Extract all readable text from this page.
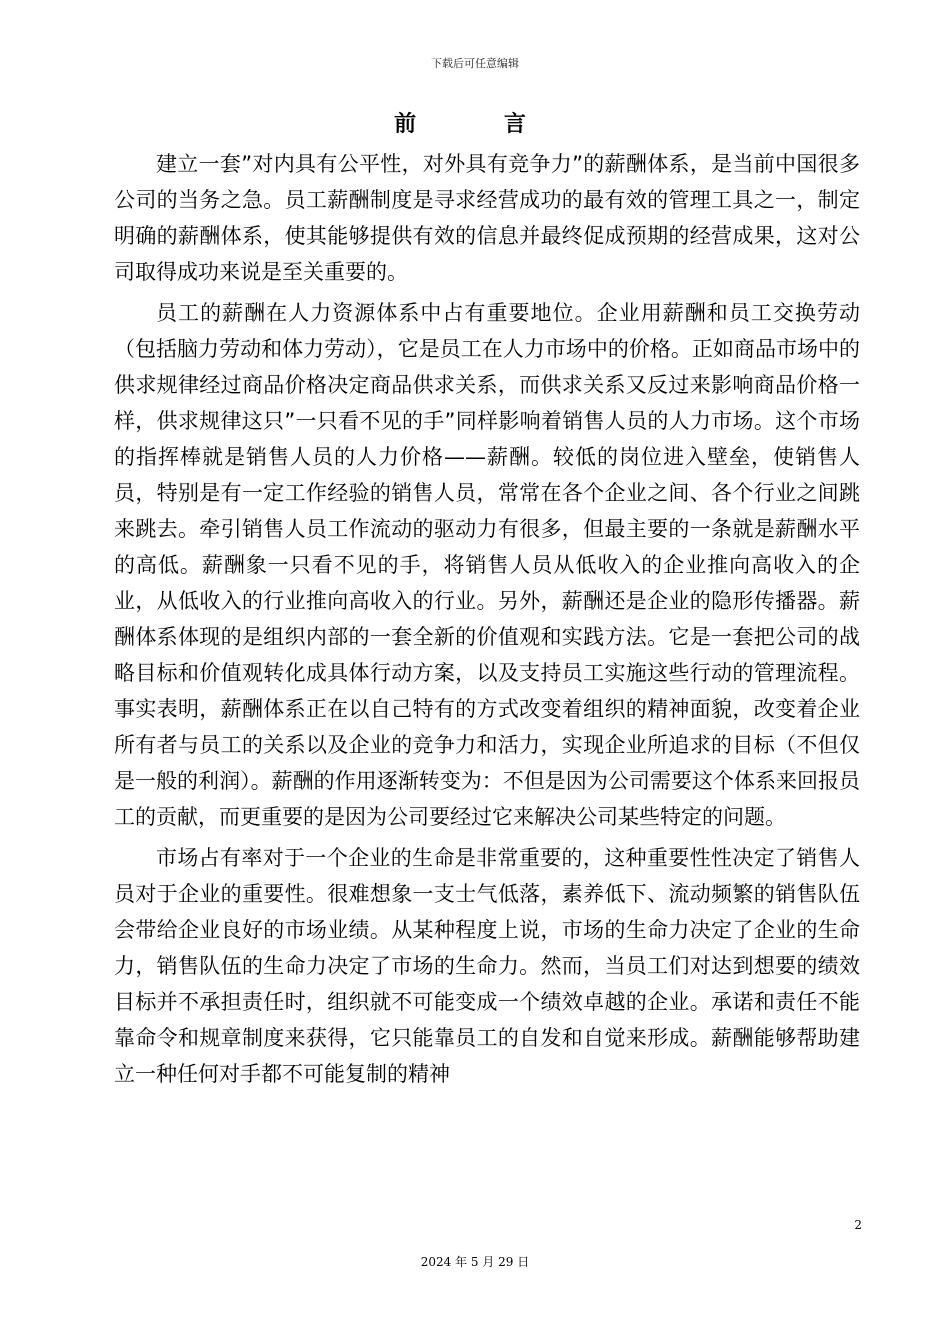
下载后可任意编辑
前 言

建立一套”对内具有公平性，对外具有竞争力”的薪酬体系，是当前中国很多公司的当务之急。员工薪酬制度是寻求经营成功的最有效的管理工具之一，制定明确的薪酬体系，使其能够提供有效的信息并最终促成预期的经营成果，这对公司取得成功来说是至关重要的。

员工的薪酬在人力资源体系中占有重要地位。企业用薪酬和员工交换劳动（包括脑力劳动和体力劳动），它是员工在人力市场中的价格。正如商品市场中的供求规律经过商品价格决定商品供求关系，而供求关系又反过来影响商品价格一样，供求规律这只”一只看不见的手”同样影响着销售人员的人力市场。这个市场的指挥棒就是销售人员的人力价格——薪酬。较低的岗位进入壁垒，使销售人员，特别是有一定工作经验的销售人员，常常在各个企业之间、各个行业之间跳来跳去。牵引销售人员工作流动的驱动力有很多，但最主要的一条就是薪酬水平的高低。薪酬象一只看不见的手，将销售人员从低收入的企业推向高收入的企业，从低收入的行业推向高收入的行业。另外，薪酬还是企业的隐形传播器。薪酬体系体现的是组织内部的一套全新的价值观和实践方法。它是一套把公司的战略目标和价值观转化成具体行动方案，以及支持员工实施这些行动的管理流程。事实表明，薪酬体系正在以自己特有的方式改变着组织的精神面貌，改变着企业所有者与员工的关系以及企业的竞争力和活力，实现企业所追求的目标（不但仅是一般的利润）。薪酬的作用逐渐转变为：不但是因为公司需要这个体系来回报员工的贡献，而更重要的是因为公司要经过它来解决公司某些特定的问题。

市场占有率对于一个企业的生命是非常重要的，这种重要性性决定了销售人员对于企业的重要性。很难想象一支士气低落，素养低下、流动频繁的销售队伍会带给企业良好的市场业绩。从某种程度上说，市场的生命力决定了企业的生命力，销售队伍的生命力决定了市场的生命力。然而，当员工们对达到想要的绩效目标并不承担责任时，组织就不可能变成一个绩效卓越的企业。承诺和责任不能靠命令和规章制度来获得，它只能靠员工的自发和自觉来形成。薪酬能够帮助建立一种任何对手都不可能复制的精神

2
2024 年 5 月 29 日
